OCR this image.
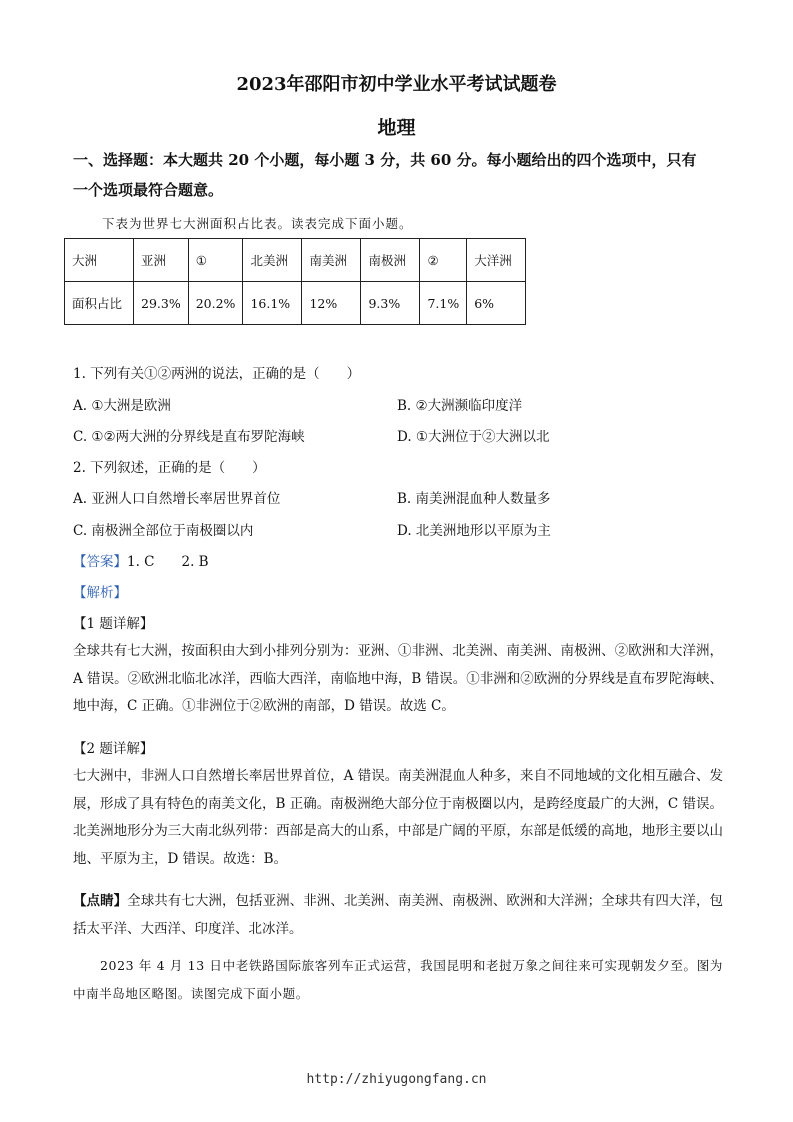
2023年邵阳市初中学业水平考试试题卷
地理
一、选择题：本大题共 20 个小题，每小题 3 分，共 60 分。每小题给出的四个选项中，只有
一个选项最符合题意。
下表为世界七大洲面积占比表。读表完成下面小题。
大洲	亚洲	①	北美洲	南美洲	南极洲	②	大洋洲
面积占比	29.3%	20.2%	16.1%	12%	9.3%	7.1%	6%
1. 下列有关①②两洲的说法，正确的是（　　）
A. ①大洲是欧洲	B. ②大洲濒临印度洋
C. ①②两大洲的分界线是直布罗陀海峡	D. ①大洲位于②大洲以北
2. 下列叙述，正确的是（　　）
A. 亚洲人口自然增长率居世界首位	B. 南美洲混血种人数量多
C. 南极洲全部位于南极圈以内	D. 北美洲地形以平原为主
【答案】1. C　　2. B
【解析】
【1 题详解】
全球共有七大洲，按面积由大到小排列分别为：亚洲、①非洲、北美洲、南美洲、南极洲、②欧洲和大洋洲，A 错误。②欧洲北临北冰洋，西临大西洋，南临地中海，B 错误。①非洲和②欧洲的分界线是直布罗陀海峡、地中海，C 正确。①非洲位于②欧洲的南部，D 错误。故选 C。
【2 题详解】
七大洲中，非洲人口自然增长率居世界首位，A 错误。南美洲混血人种多，来自不同地域的文化相互融合、发展，形成了具有特色的南美文化，B 正确。南极洲绝大部分位于南极圈以内，是跨经度最广的大洲，C 错误。北美洲地形分为三大南北纵列带：西部是高大的山系，中部是广阔的平原，东部是低缓的高地，地形主要以山地、平原为主，D 错误。故选：B。
【点睛】全球共有七大洲，包括亚洲、非洲、北美洲、南美洲、南极洲、欧洲和大洋洲；全球共有四大洋，包括太平洋、大西洋、印度洋、北冰洋。
2023 年 4 月 13 日中老铁路国际旅客列车正式运营，我国昆明和老挝万象之间往来可实现朝发夕至。图为中南半岛地区略图。读图完成下面小题。
http://zhiyugongfang.cn
